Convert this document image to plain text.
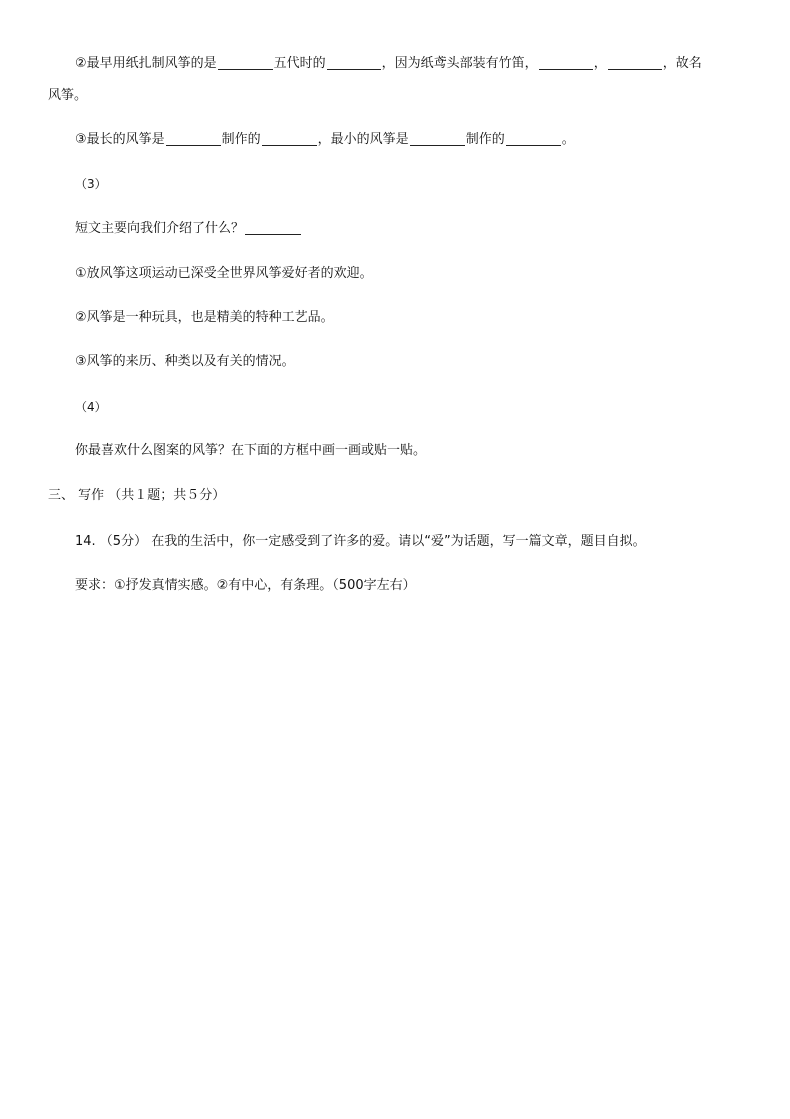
②最早用纸扎制风筝的是	五代时的	，因为纸鸢头部装有竹笛，	，	，故名
风筝。
③最长的风筝是	制作的	，最小的风筝是	制作的	。
（3）
短文主要向我们介绍了什么？
①放风筝这项运动已深受全世界风筝爱好者的欢迎。
②风筝是一种玩具，也是精美的特种工艺品。
③风筝的来历、种类以及有关的情况。
（4）
你最喜欢什么图案的风筝？在下面的方框中画一画或贴一贴。
三、 写作 （共１题；共５分）
14. （5分） 在我的生活中，你一定感受到了许多的爱。请以“爱”为话题，写一篇文章，题目自拟。
要求：①抒发真情实感。②有中心，有条理。（500字左右）
